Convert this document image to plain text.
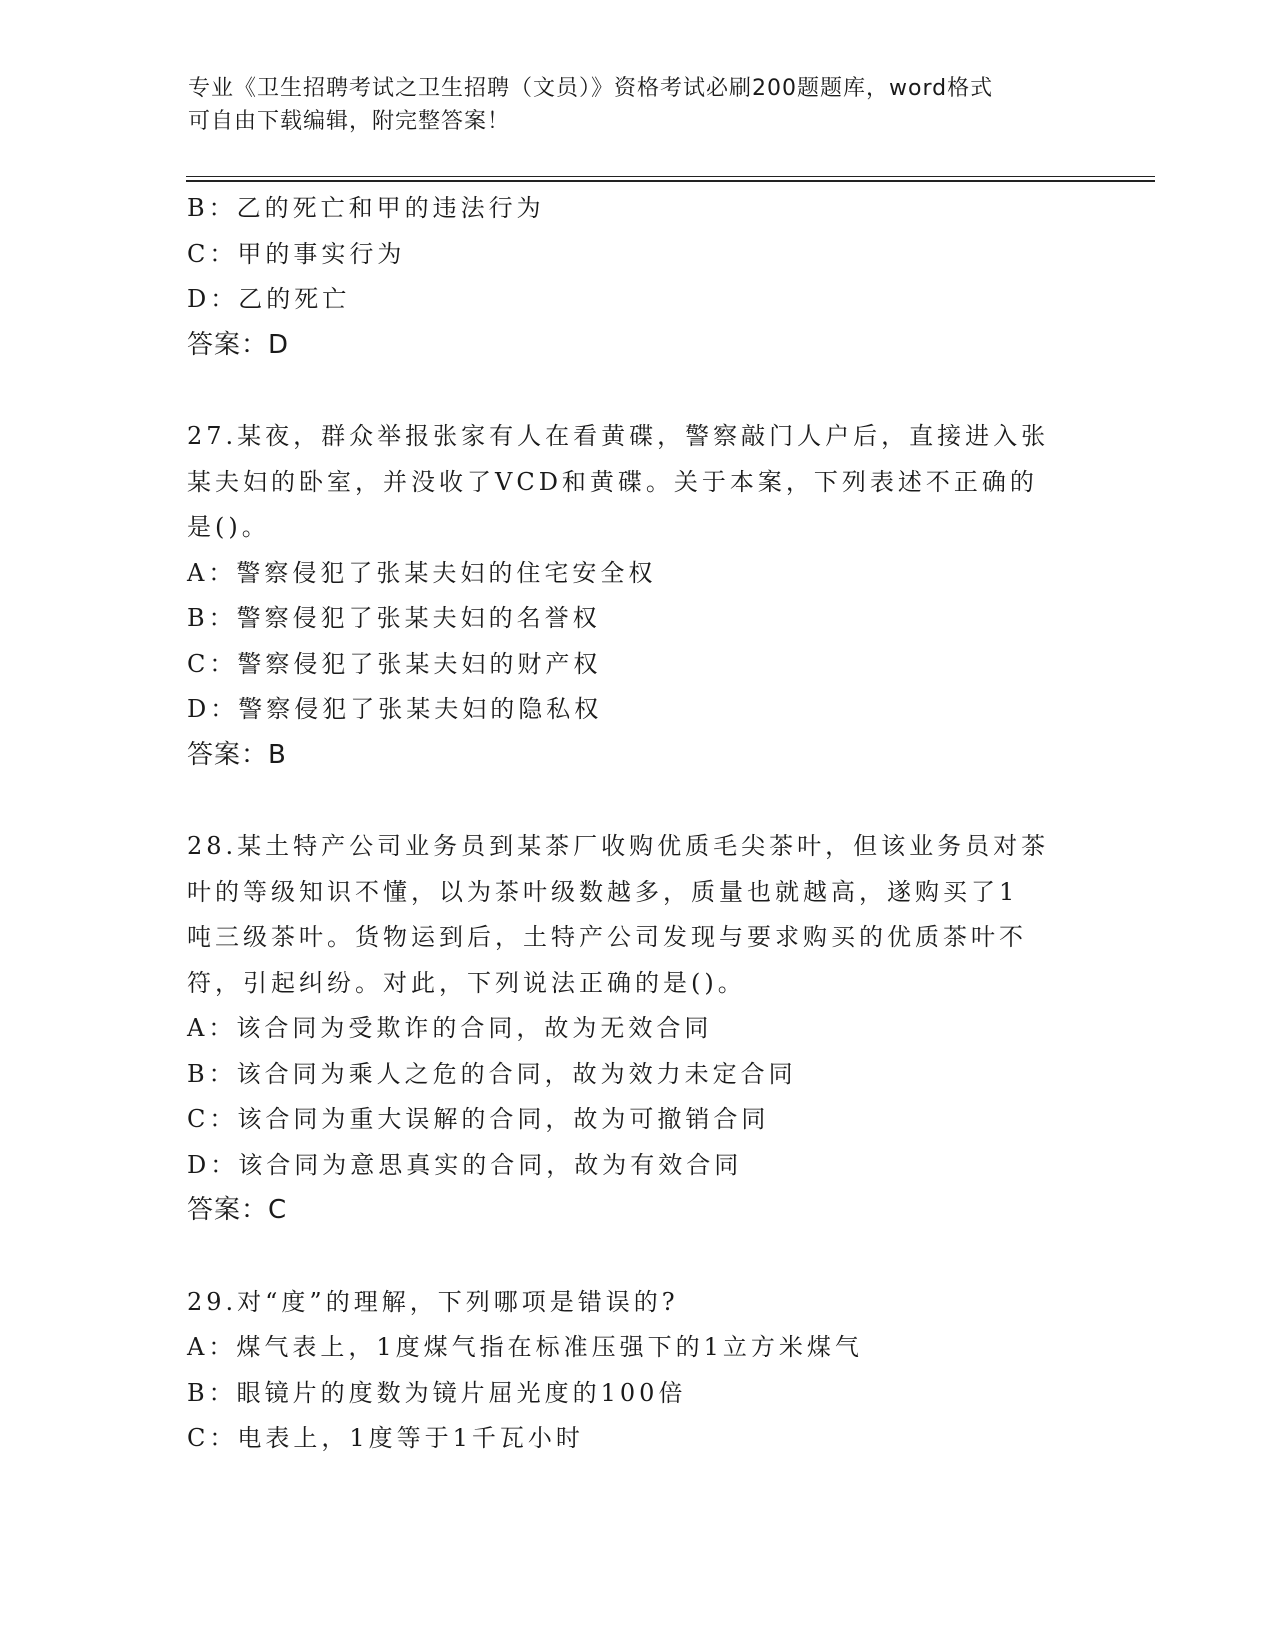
专业《卫生招聘考试之卫生招聘（文员）》资格考试必刷200题题库，word格式
可自由下载编辑，附完整答案！
B：乙的死亡和甲的违法行为
C：甲的事实行为
D：乙的死亡
答案：D
27.某夜，群众举报张家有人在看黄碟，警察敲门人户后，直接进入张
某夫妇的卧室，并没收了VCD和黄碟。关于本案，下列表述不正确的
是()。
A：警察侵犯了张某夫妇的住宅安全权
B：警察侵犯了张某夫妇的名誉权
C：警察侵犯了张某夫妇的财产权
D：警察侵犯了张某夫妇的隐私权
答案：B
28.某土特产公司业务员到某茶厂收购优质毛尖茶叶，但该业务员对茶
叶的等级知识不懂，以为茶叶级数越多，质量也就越高，遂购买了1
吨三级茶叶。货物运到后，土特产公司发现与要求购买的优质茶叶不
符，引起纠纷。对此，下列说法正确的是()。
A：该合同为受欺诈的合同，故为无效合同
B：该合同为乘人之危的合同，故为效力未定合同
C：该合同为重大误解的合同，故为可撤销合同
D：该合同为意思真实的合同，故为有效合同
答案：C
29.对“度”的理解，下列哪项是错误的?
A：煤气表上，1度煤气指在标准压强下的1立方米煤气
B：眼镜片的度数为镜片屈光度的100倍
C：电表上，1度等于1千瓦小时
